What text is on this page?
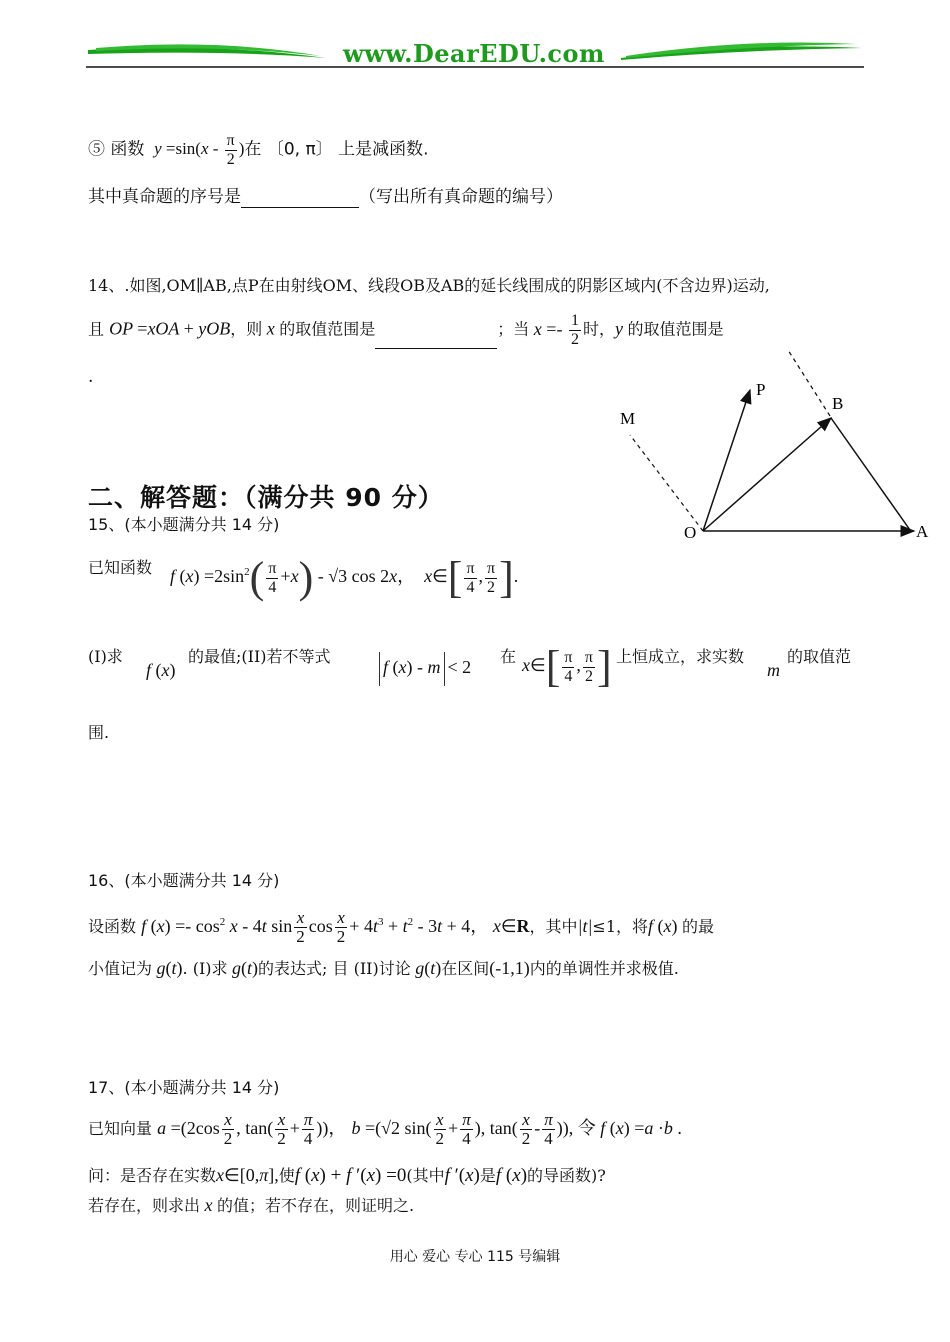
www.DearEDU.com
⑤ 函数  $y =\sin(x - \frac{\pi}{2}$ )在 〔0, π〕 上是减函数.
其中真命题的序号是	（写出所有真命题的编号）
14、.如图,OM∥AB,点P在由射线OM、线段OB及AB的延长线围成的阴影区域内(不含边界)运动,
且 OP =xOA + yOB，则 x 的取值范围是	；当 $x =- \frac{1}{2}$ 时，y 的取值范围是
.
P
M
B
O	A
二、解答题：（满分共 90 分）
15、(本小题满分共 14 分)
已知函数 f $(x) =2\sin^2( \frac{\pi}{4} +x) - √3$ cos 2x，  x∈[ $\frac{\pi}{4}$ , $\frac{\pi}{2}$ ].
(I)求
f (x)
的最值;(II)若不等式
f (x) - m < 2
在 x∈[ $\frac{\pi}{4}$ , $\frac{\pi}{2}$ ] 上恒成立，求实数
m
的取值范
围.
16、(本小题满分共 14 分)
设函数 f $(x) =- \cos^2 x - 4t$ $\sin \frac{x}{2}$ $\cos \frac{x}{2} + 4t^3 + t^2 - 3t + 4$， x∈R，其中|t|≤1，将f (x) 的最
小值记为 g(t). (I)求 g(t)的表达式; 目 (II)讨论 g(t)在区间(-1,1)内的单调性并求极值.
17、(本小题满分共 14 分)
已知向量 $a =(2\cos \frac{x}{2}$ , $\tan( \frac{x}{2} + \frac{\pi}{4}$ ))， b =(√2 $\sin( \frac{x}{2} + \frac{\pi}{4}$ ), $\tan( \frac{x}{2} - \frac{\pi}{4}$ )), 令 f (x) =a ·b .
问：是否存在实数x∈[0,π],使f (x) + f ′(x) =0(其中f ′(x)是f (x)的导函数)?
若存在，则求出 x 的值；若不存在，则证明之.
用心 爱心 专心 115 号编辑
